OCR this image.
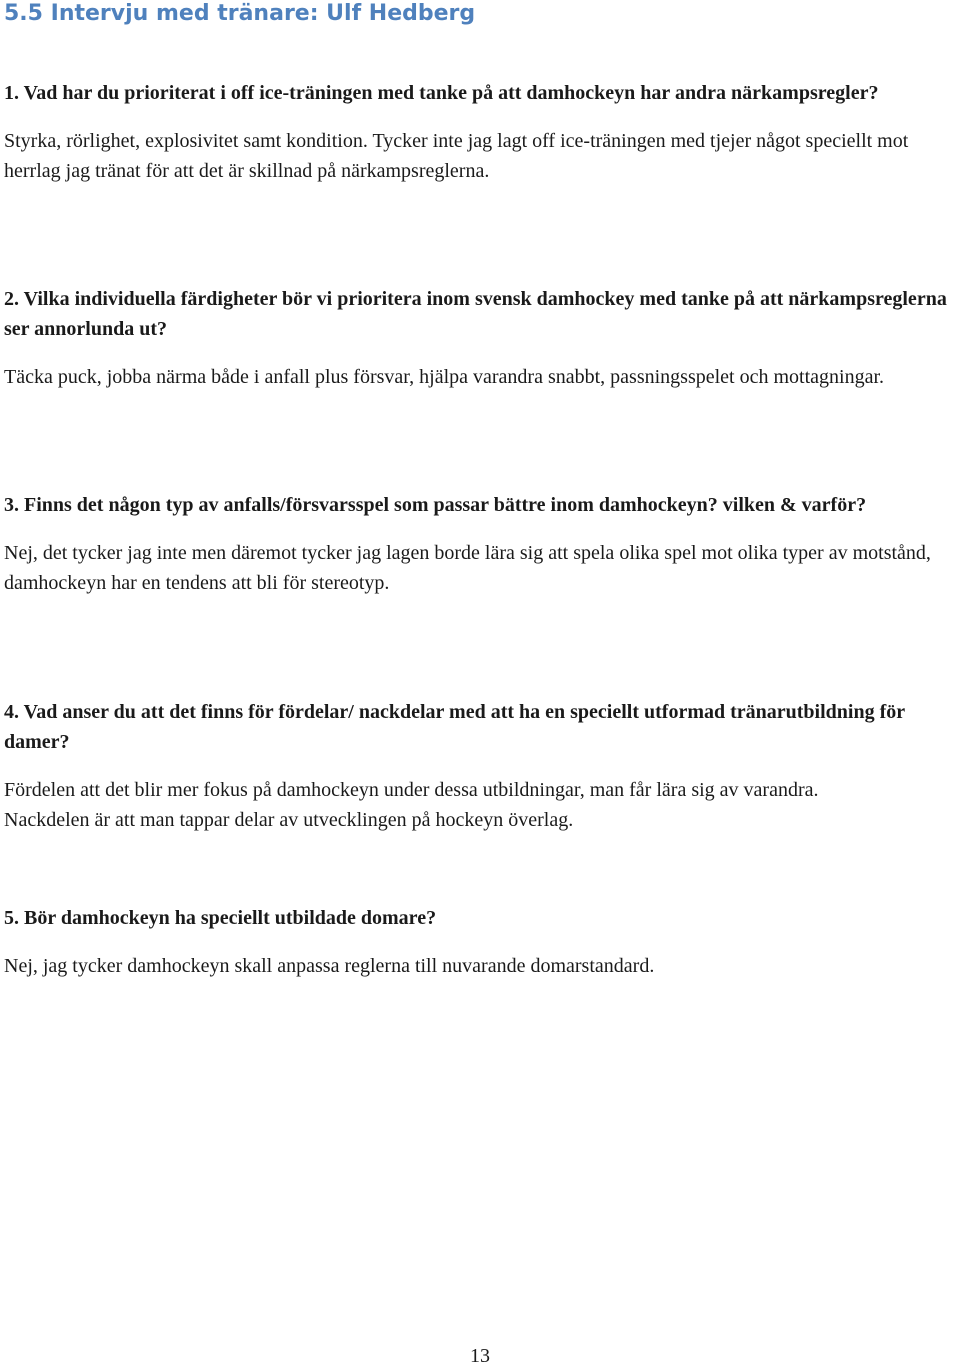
5.5 Intervju med tränare: Ulf Hedberg

1. Vad har du prioriterat i off ice-träningen med tanke på att damhockeyn har andra närkampsregler?

Styrka, rörlighet, explosivitet samt kondition. Tycker inte jag lagt off ice-träningen med tjejer något speciellt mot herrlag jag tränat för att det är skillnad på närkampsreglerna.

2. Vilka individuella färdigheter bör vi prioritera inom svensk damhockey med tanke på att närkampsreglerna ser annorlunda ut?

Täcka puck, jobba närma både i anfall plus försvar, hjälpa varandra snabbt, passningsspelet och mottagningar.

3. Finns det någon typ av anfalls/försvarsspel som passar bättre inom damhockeyn? vilken & varför?

Nej, det tycker jag inte men däremot tycker jag lagen borde lära sig att spela olika spel mot olika typer av motstånd, damhockeyn har en tendens att bli för stereotyp.

4. Vad anser du att det finns för fördelar/ nackdelar med att ha en speciellt utformad tränarutbildning för damer?

Fördelen att det blir mer fokus på damhockeyn under dessa utbildningar, man får lära sig av varandra.
Nackdelen är att man tappar delar av utvecklingen på hockeyn överlag.

5. Bör damhockeyn ha speciellt utbildade domare?

Nej, jag tycker damhockeyn skall anpassa reglerna till nuvarande domarstandard.

13
